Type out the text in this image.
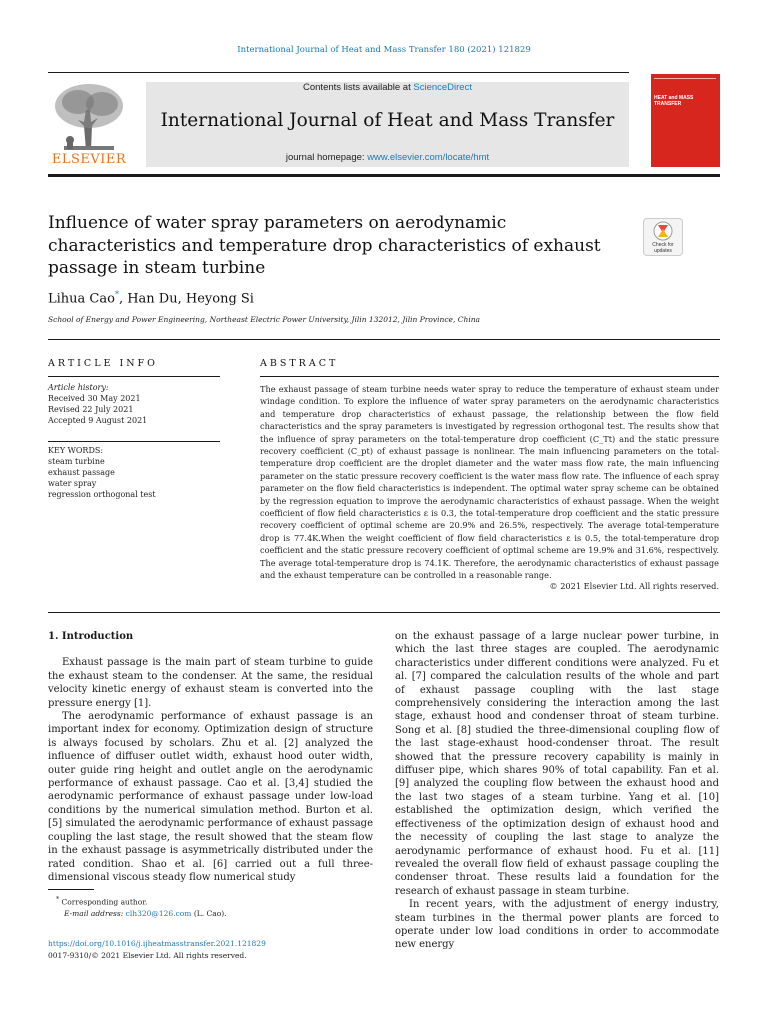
International Journal of Heat and Mass Transfer 180 (2021) 121829
ELSEVIER
Contents lists available at ScienceDirect
International Journal of Heat and Mass Transfer
journal homepage: www.elsevier.com/locate/hmt
HEAT and MASS TRANSFER
Influence of water spray parameters on aerodynamic characteristics and temperature drop characteristics of exhaust passage in steam turbine
Check for updates
Lihua Cao*, Han Du, Heyong Si
School of Energy and Power Engineering, Northeast Electric Power University, Jilin 132012, Jilin Province, China
ARTICLE INFO
Article history:
Received 30 May 2021
Revised 22 July 2021
Accepted 9 August 2021
KEY WORDS:
steam turbine
exhaust passage
water spray
regression orthogonal test
ABSTRACT
The exhaust passage of steam turbine needs water spray to reduce the temperature of exhaust steam under windage condition. To explore the influence of water spray parameters on the aerodynamic characteristics and temperature drop characteristics of exhaust passage, the relationship between the flow field characteristics and the spray parameters is investigated by regression orthogonal test. The results show that the influence of spray parameters on the total-temperature drop coefficient (C_Tt) and the static pressure recovery coefficient (C_pt) of exhaust passage is nonlinear. The main influencing parameters on the total-temperature drop coefficient are the droplet diameter and the water mass flow rate, the main influencing parameter on the static pressure recovery coefficient is the water mass flow rate. The influence of each spray parameter on the flow field characteristics is independent. The optimal water spray scheme can be obtained by the regression equation to improve the aerodynamic characteristics of exhaust passage. When the weight coefficient of flow field characteristics ε is 0.3, the total-temperature drop coefficient and the static pressure recovery coefficient of optimal scheme are 20.9% and 26.5%, respectively. The average total-temperature drop is 77.4K.When the weight coefficient of flow field characteristics ε is 0.5, the total-temperature drop coefficient and the static pressure recovery coefficient of optimal scheme are 19.9% and 31.6%, respectively. The average total-temperature drop is 74.1K. Therefore, the aerodynamic characteristics of exhaust passage and the exhaust temperature can be controlled in a reasonable range.
© 2021 Elsevier Ltd. All rights reserved.
1. Introduction

Exhaust passage is the main part of steam turbine to guide the exhaust steam to the condenser. At the same, the residual velocity kinetic energy of exhaust steam is converted into the pressure energy [1].

The aerodynamic performance of exhaust passage is an important index for economy. Optimization design of structure is always focused by scholars. Zhu et al. [2] analyzed the influence of diffuser outlet width, exhaust hood outer width, outer guide ring height and outlet angle on the aerodynamic performance of exhaust passage. Cao et al. [3,4] studied the aerodynamic performance of exhaust passage under low-load conditions by the numerical simulation method. Burton et al. [5] simulated the aerodynamic performance of exhaust passage coupling the last stage, the result showed that the steam flow in the exhaust passage is asymmetrically distributed under the rated condition. Shao et al. [6] carried out a full three-dimensional viscous steady flow numerical study

* Corresponding author.
E-mail address: clh320@126.com (L. Cao).
https://doi.org/10.1016/j.ijheatmasstransfer.2021.121829
0017-9310/© 2021 Elsevier Ltd. All rights reserved.

on the exhaust passage of a large nuclear power turbine, in which the last three stages are coupled. The aerodynamic characteristics under different conditions were analyzed. Fu et al. [7] compared the calculation results of the whole and part of exhaust passage coupling with the last stage comprehensively considering the interaction among the last stage, exhaust hood and condenser throat of steam turbine. Song et al. [8] studied the three-dimensional coupling flow of the last stage-exhaust hood-condenser throat. The result showed that the pressure recovery capability is mainly in diffuser pipe, which shares 90% of total capability. Fan et al. [9] analyzed the coupling flow between the exhaust hood and the last two stages of a steam turbine. Yang et al. [10] established the optimization design, which verified the effectiveness of the optimization design of exhaust hood and the necessity of coupling the last stage to analyze the aerodynamic performance of exhaust hood. Fu et al. [11] revealed the overall flow field of exhaust passage coupling the condenser throat. These results laid a foundation for the research of exhaust passage in steam turbine.

In recent years, with the adjustment of energy industry, steam turbines in the thermal power plants are forced to operate under low load conditions in order to accommodate new energy
